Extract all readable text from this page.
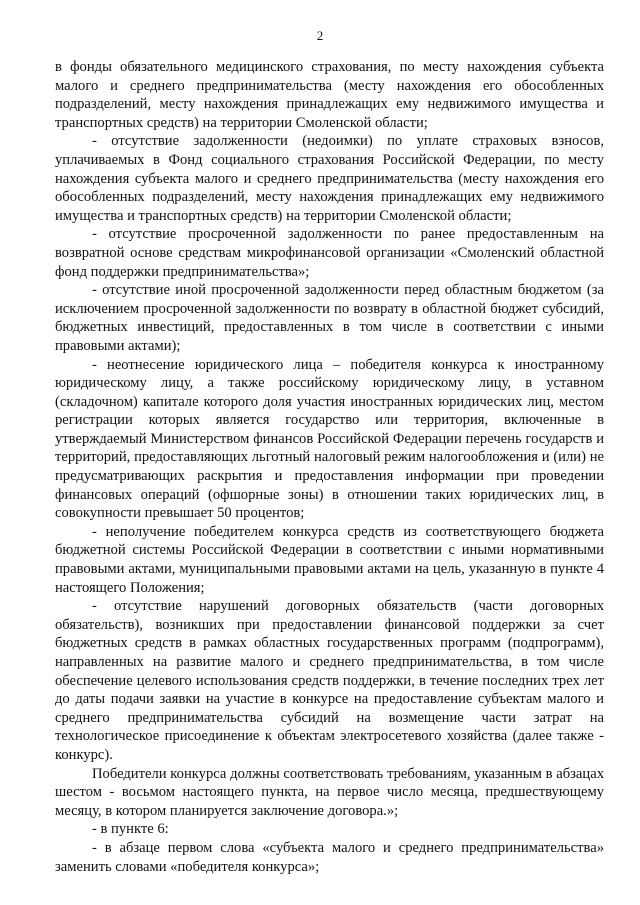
2

в фонды обязательного медицинского страхования, по месту нахождения субъекта малого и среднего предпринимательства (месту нахождения его обособленных подразделений, месту нахождения принадлежащих ему недвижимого имущества и транспортных средств) на территории Смоленской области;

- отсутствие задолженности (недоимки) по уплате страховых взносов, уплачиваемых в Фонд социального страхования Российской Федерации, по месту нахождения субъекта малого и среднего предпринимательства (месту нахождения его обособленных подразделений, месту нахождения принадлежащих ему недвижимого имущества и транспортных средств) на территории Смоленской области;

- отсутствие просроченной задолженности по ранее предоставленным на возвратной основе средствам микрофинансовой организации «Смоленский областной фонд поддержки предпринимательства»;

- отсутствие иной просроченной задолженности перед областным бюджетом (за исключением просроченной задолженности по возврату в областной бюджет субсидий, бюджетных инвестиций, предоставленных в том числе в соответствии с иными правовыми актами);

- неотнесение юридического лица – победителя конкурса к иностранному юридическому лицу, а также российскому юридическому лицу, в уставном (складочном) капитале которого доля участия иностранных юридических лиц, местом регистрации которых является государство или территория, включенные в утверждаемый Министерством финансов Российской Федерации перечень государств и территорий, предоставляющих льготный налоговый режим налогообложения и (или) не предусматривающих раскрытия и предоставления информации при проведении финансовых операций (офшорные зоны) в отношении таких юридических лиц, в совокупности превышает 50 процентов;

- неполучение победителем конкурса средств из соответствующего бюджета бюджетной системы Российской Федерации в соответствии с иными нормативными правовыми актами, муниципальными правовыми актами на цель, указанную в пункте 4 настоящего Положения;

- отсутствие нарушений договорных обязательств (части договорных обязательств), возникших при предоставлении финансовой поддержки за счет бюджетных средств в рамках областных государственных программ (подпрограмм), направленных на развитие малого и среднего предпринимательства, в том числе обеспечение целевого использования средств поддержки, в течение последних трех лет до даты подачи заявки на участие в конкурсе на предоставление субъектам малого и среднего предпринимательства субсидий на возмещение части затрат на технологическое присоединение к объектам электросетевого хозяйства (далее также - конкурс).

Победители конкурса должны соответствовать требованиям, указанным в абзацах шестом - восьмом настоящего пункта, на первое число месяца, предшествующему месяцу, в котором планируется заключение договора.»;

- в пункте 6:

- в абзаце первом слова «субъекта малого и среднего предпринимательства» заменить словами «победителя конкурса»;
